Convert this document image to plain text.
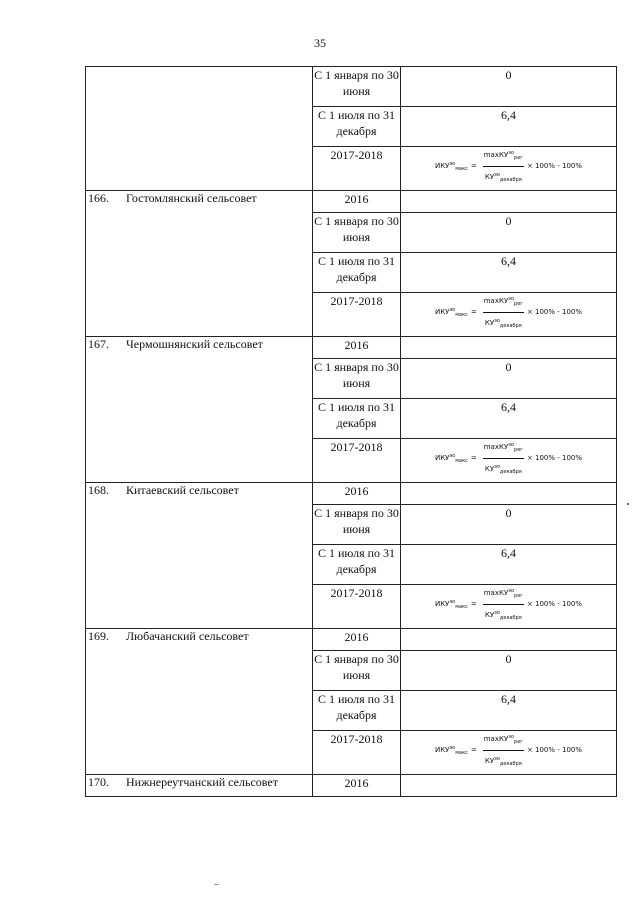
35
	С 1 января по 30 июня	0
	С 1 июля по 31 декабря	6,4
	2017-2018	$ИКУ^{эо}_{макс} = \frac{\max КУ^{эо}_{рег}}{КУ^{эо}_{декабря}} \times 100\% - 100\%$

166. Гостомлянский сельсовет	2016	
	С 1 января по 30 июня	0
	С 1 июля по 31 декабря	6,4
	2017-2018	$ИКУ^{эо}_{макс} = \frac{\max КУ^{эо}_{рег}}{КУ^{эо}_{декабря}} \times 100\% - 100\%$

167. Чермошнянский сельсовет	2016	
	С 1 января по 30 июня	0
	С 1 июля по 31 декабря	6,4
	2017-2018	$ИКУ^{эо}_{макс} = \frac{\max КУ^{эо}_{рег}}{КУ^{эо}_{декабря}} \times 100\% - 100\%$

168. Китаевский сельсовет	2016	
	С 1 января по 30 июня	0
	С 1 июля по 31 декабря	6,4
	2017-2018	$ИКУ^{эо}_{макс} = \frac{\max КУ^{эо}_{рег}}{КУ^{эо}_{декабря}} \times 100\% - 100\%$

169. Любачанский сельсовет	2016	
	С 1 января по 30 июня	0
	С 1 июля по 31 декабря	6,4
	2017-2018	$ИКУ^{эо}_{макс} = \frac{\max КУ^{эо}_{рег}}{КУ^{эо}_{декабря}} \times 100\% - 100\%$

170. Нижнереутчанский сельсовет	2016	
